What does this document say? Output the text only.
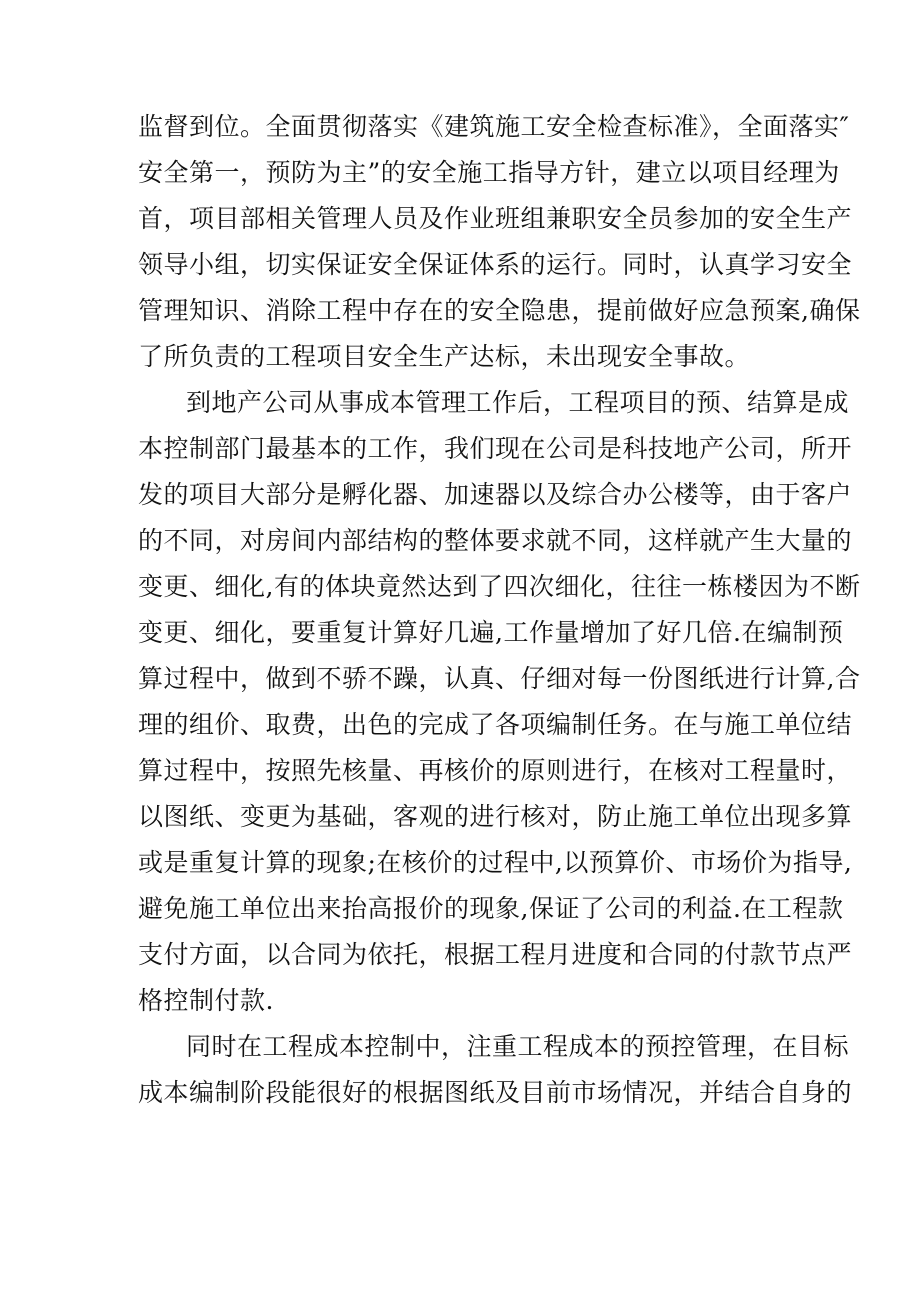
监督到位。全面贯彻落实《建筑施工安全检查标准》，全面落实″
安全第一，预防为主”的安全施工指导方针，建立以项目经理为
首，项目部相关管理人员及作业班组兼职安全员参加的安全生产
领导小组，切实保证安全保证体系的运行。同时，认真学习安全
管理知识、消除工程中存在的安全隐患，提前做好应急预案,确保
了所负责的工程项目安全生产达标，未出现安全事故。
到地产公司从事成本管理工作后，工程项目的预、结算是成
本控制部门最基本的工作，我们现在公司是科技地产公司，所开
发的项目大部分是孵化器、加速器以及综合办公楼等，由于客户
的不同，对房间内部结构的整体要求就不同，这样就产生大量的
变更、细化,有的体块竟然达到了四次细化，往往一栋楼因为不断
变更、细化，要重复计算好几遍,工作量增加了好几倍.在编制预
算过程中，做到不骄不躁，认真、仔细对每一份图纸进行计算,合
理的组价、取费，出色的完成了各项编制任务。在与施工单位结
算过程中，按照先核量、再核价的原则进行，在核对工程量时，
以图纸、变更为基础，客观的进行核对，防止施工单位出现多算
或是重复计算的现象;在核价的过程中,以预算价、市场价为指导,
避免施工单位出来抬高报价的现象,保证了公司的利益.在工程款
支付方面，以合同为依托，根据工程月进度和合同的付款节点严
格控制付款.
同时在工程成本控制中，注重工程成本的预控管理，在目标
成本编制阶段能很好的根据图纸及目前市场情况，并结合自身的
